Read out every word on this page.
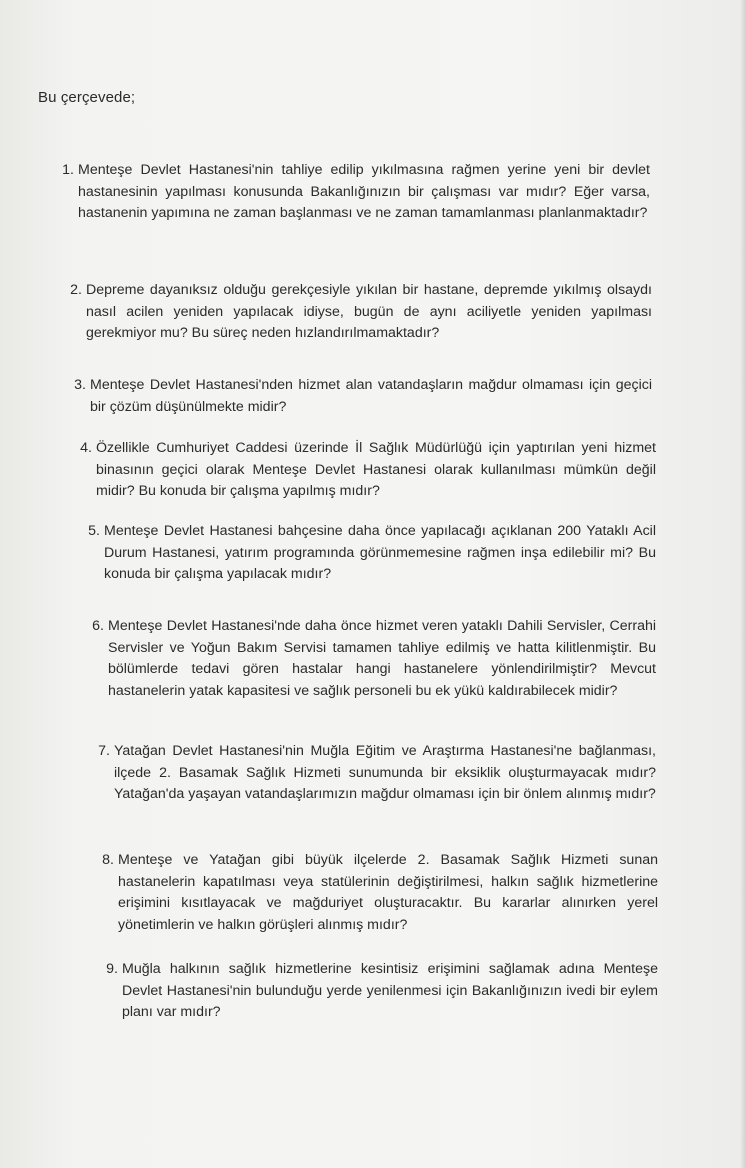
Bu çerçevede;
1. Menteşe Devlet Hastanesi'nin tahliye edilip yıkılmasına rağmen yerine yeni bir devlet hastanesinin yapılması konusunda Bakanlığınızın bir çalışması var mıdır? Eğer varsa, hastanenin yapımına ne zaman başlanması ve ne zaman tamamlanması planlanmaktadır?
2. Depreme dayanıksız olduğu gerekçesiyle yıkılan bir hastane, depremde yıkılmış olsaydı nasıl acilen yeniden yapılacak idiyse, bugün de aynı aciliyetle yeniden yapılması gerekmiyor mu? Bu süreç neden hızlandırılmamaktadır?
3. Menteşe Devlet Hastanesi'nden hizmet alan vatandaşların mağdur olmaması için geçici bir çözüm düşünülmekte midir?
4. Özellikle Cumhuriyet Caddesi üzerinde İl Sağlık Müdürlüğü için yaptırılan yeni hizmet binasının geçici olarak Menteşe Devlet Hastanesi olarak kullanılması mümkün değil midir? Bu konuda bir çalışma yapılmış mıdır?
5. Menteşe Devlet Hastanesi bahçesine daha önce yapılacağı açıklanan 200 Yataklı Acil Durum Hastanesi, yatırım programında görünmemesine rağmen inşa edilebilir mi? Bu konuda bir çalışma yapılacak mıdır?
6. Menteşe Devlet Hastanesi'nde daha önce hizmet veren yataklı Dahili Servisler, Cerrahi Servisler ve Yoğun Bakım Servisi tamamen tahliye edilmiş ve hatta kilitlenmiştir. Bu bölümlerde tedavi gören hastalar hangi hastanelere yönlendirilmiştir? Mevcut hastanelerin yatak kapasitesi ve sağlık personeli bu ek yükü kaldırabilecek midir?
7. Yatağan Devlet Hastanesi'nin Muğla Eğitim ve Araştırma Hastanesi'ne bağlanması, ilçede 2. Basamak Sağlık Hizmeti sunumunda bir eksiklik oluşturmayacak mıdır? Yatağan'da yaşayan vatandaşlarımızın mağdur olmaması için bir önlem alınmış mıdır?
8. Menteşe ve Yatağan gibi büyük ilçelerde 2. Basamak Sağlık Hizmeti sunan hastanelerin kapatılması veya statülerinin değiştirilmesi, halkın sağlık hizmetlerine erişimini kısıtlayacak ve mağduriyet oluşturacaktır. Bu kararlar alınırken yerel yönetimlerin ve halkın görüşleri alınmış mıdır?
9. Muğla halkının sağlık hizmetlerine kesintisiz erişimini sağlamak adına Menteşe Devlet Hastanesi'nin bulunduğu yerde yenilenmesi için Bakanlığınızın ivedi bir eylem planı var mıdır?
